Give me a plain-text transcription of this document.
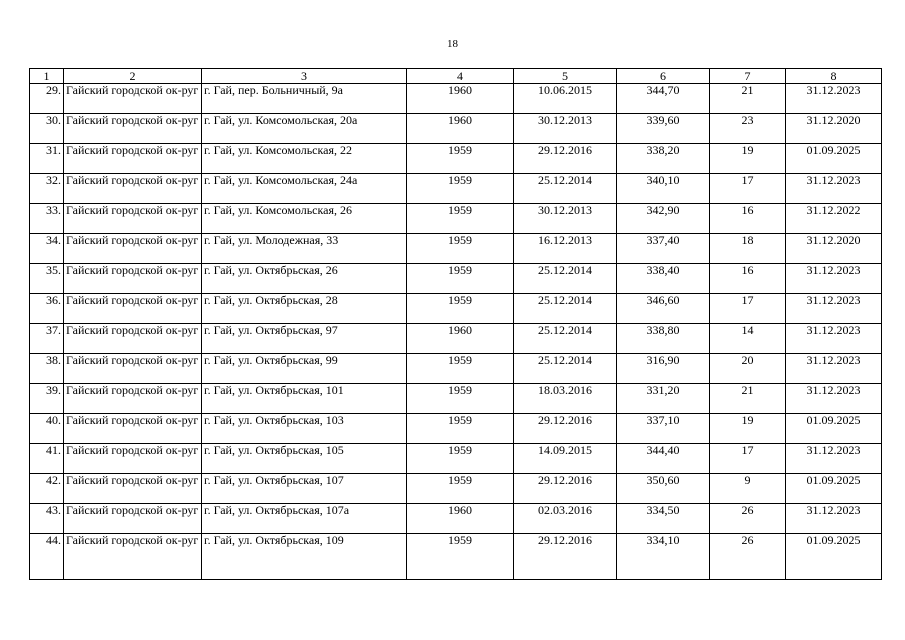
18
1	2	3	4	5	6	7	8
29.	Гайский городской ок-руг	г. Гай, пер. Больничный, 9а	1960	10.06.2015	344,70	21	31.12.2023
30.	Гайский городской ок-руг	г. Гай, ул. Комсомольская, 20а	1960	30.12.2013	339,60	23	31.12.2020
31.	Гайский городской ок-руг	г. Гай, ул. Комсомольская, 22	1959	29.12.2016	338,20	19	01.09.2025
32.	Гайский городской ок-руг	г. Гай, ул. Комсомольская, 24а	1959	25.12.2014	340,10	17	31.12.2023
33.	Гайский городской ок-руг	г. Гай, ул. Комсомольская, 26	1959	30.12.2013	342,90	16	31.12.2022
34.	Гайский городской ок-руг	г. Гай, ул. Молодежная, 33	1959	16.12.2013	337,40	18	31.12.2020
35.	Гайский городской ок-руг	г. Гай, ул. Октябрьская, 26	1959	25.12.2014	338,40	16	31.12.2023
36.	Гайский городской ок-руг	г. Гай, ул. Октябрьская, 28	1959	25.12.2014	346,60	17	31.12.2023
37.	Гайский городской ок-руг	г. Гай, ул. Октябрьская, 97	1960	25.12.2014	338,80	14	31.12.2023
38.	Гайский городской ок-руг	г. Гай, ул. Октябрьская, 99	1959	25.12.2014	316,90	20	31.12.2023
39.	Гайский городской ок-руг	г. Гай, ул. Октябрьская, 101	1959	18.03.2016	331,20	21	31.12.2023
40.	Гайский городской ок-руг	г. Гай, ул. Октябрьская, 103	1959	29.12.2016	337,10	19	01.09.2025
41.	Гайский городской ок-руг	г. Гай, ул. Октябрьская, 105	1959	14.09.2015	344,40	17	31.12.2023
42.	Гайский городской ок-руг	г. Гай, ул. Октябрьская, 107	1959	29.12.2016	350,60	9	01.09.2025
43.	Гайский городской ок-руг	г. Гай, ул. Октябрьская, 107а	1960	02.03.2016	334,50	26	31.12.2023
44.	Гайский городской ок-руг	г. Гай, ул. Октябрьская, 109	1959	29.12.2016	334,10	26	01.09.2025
